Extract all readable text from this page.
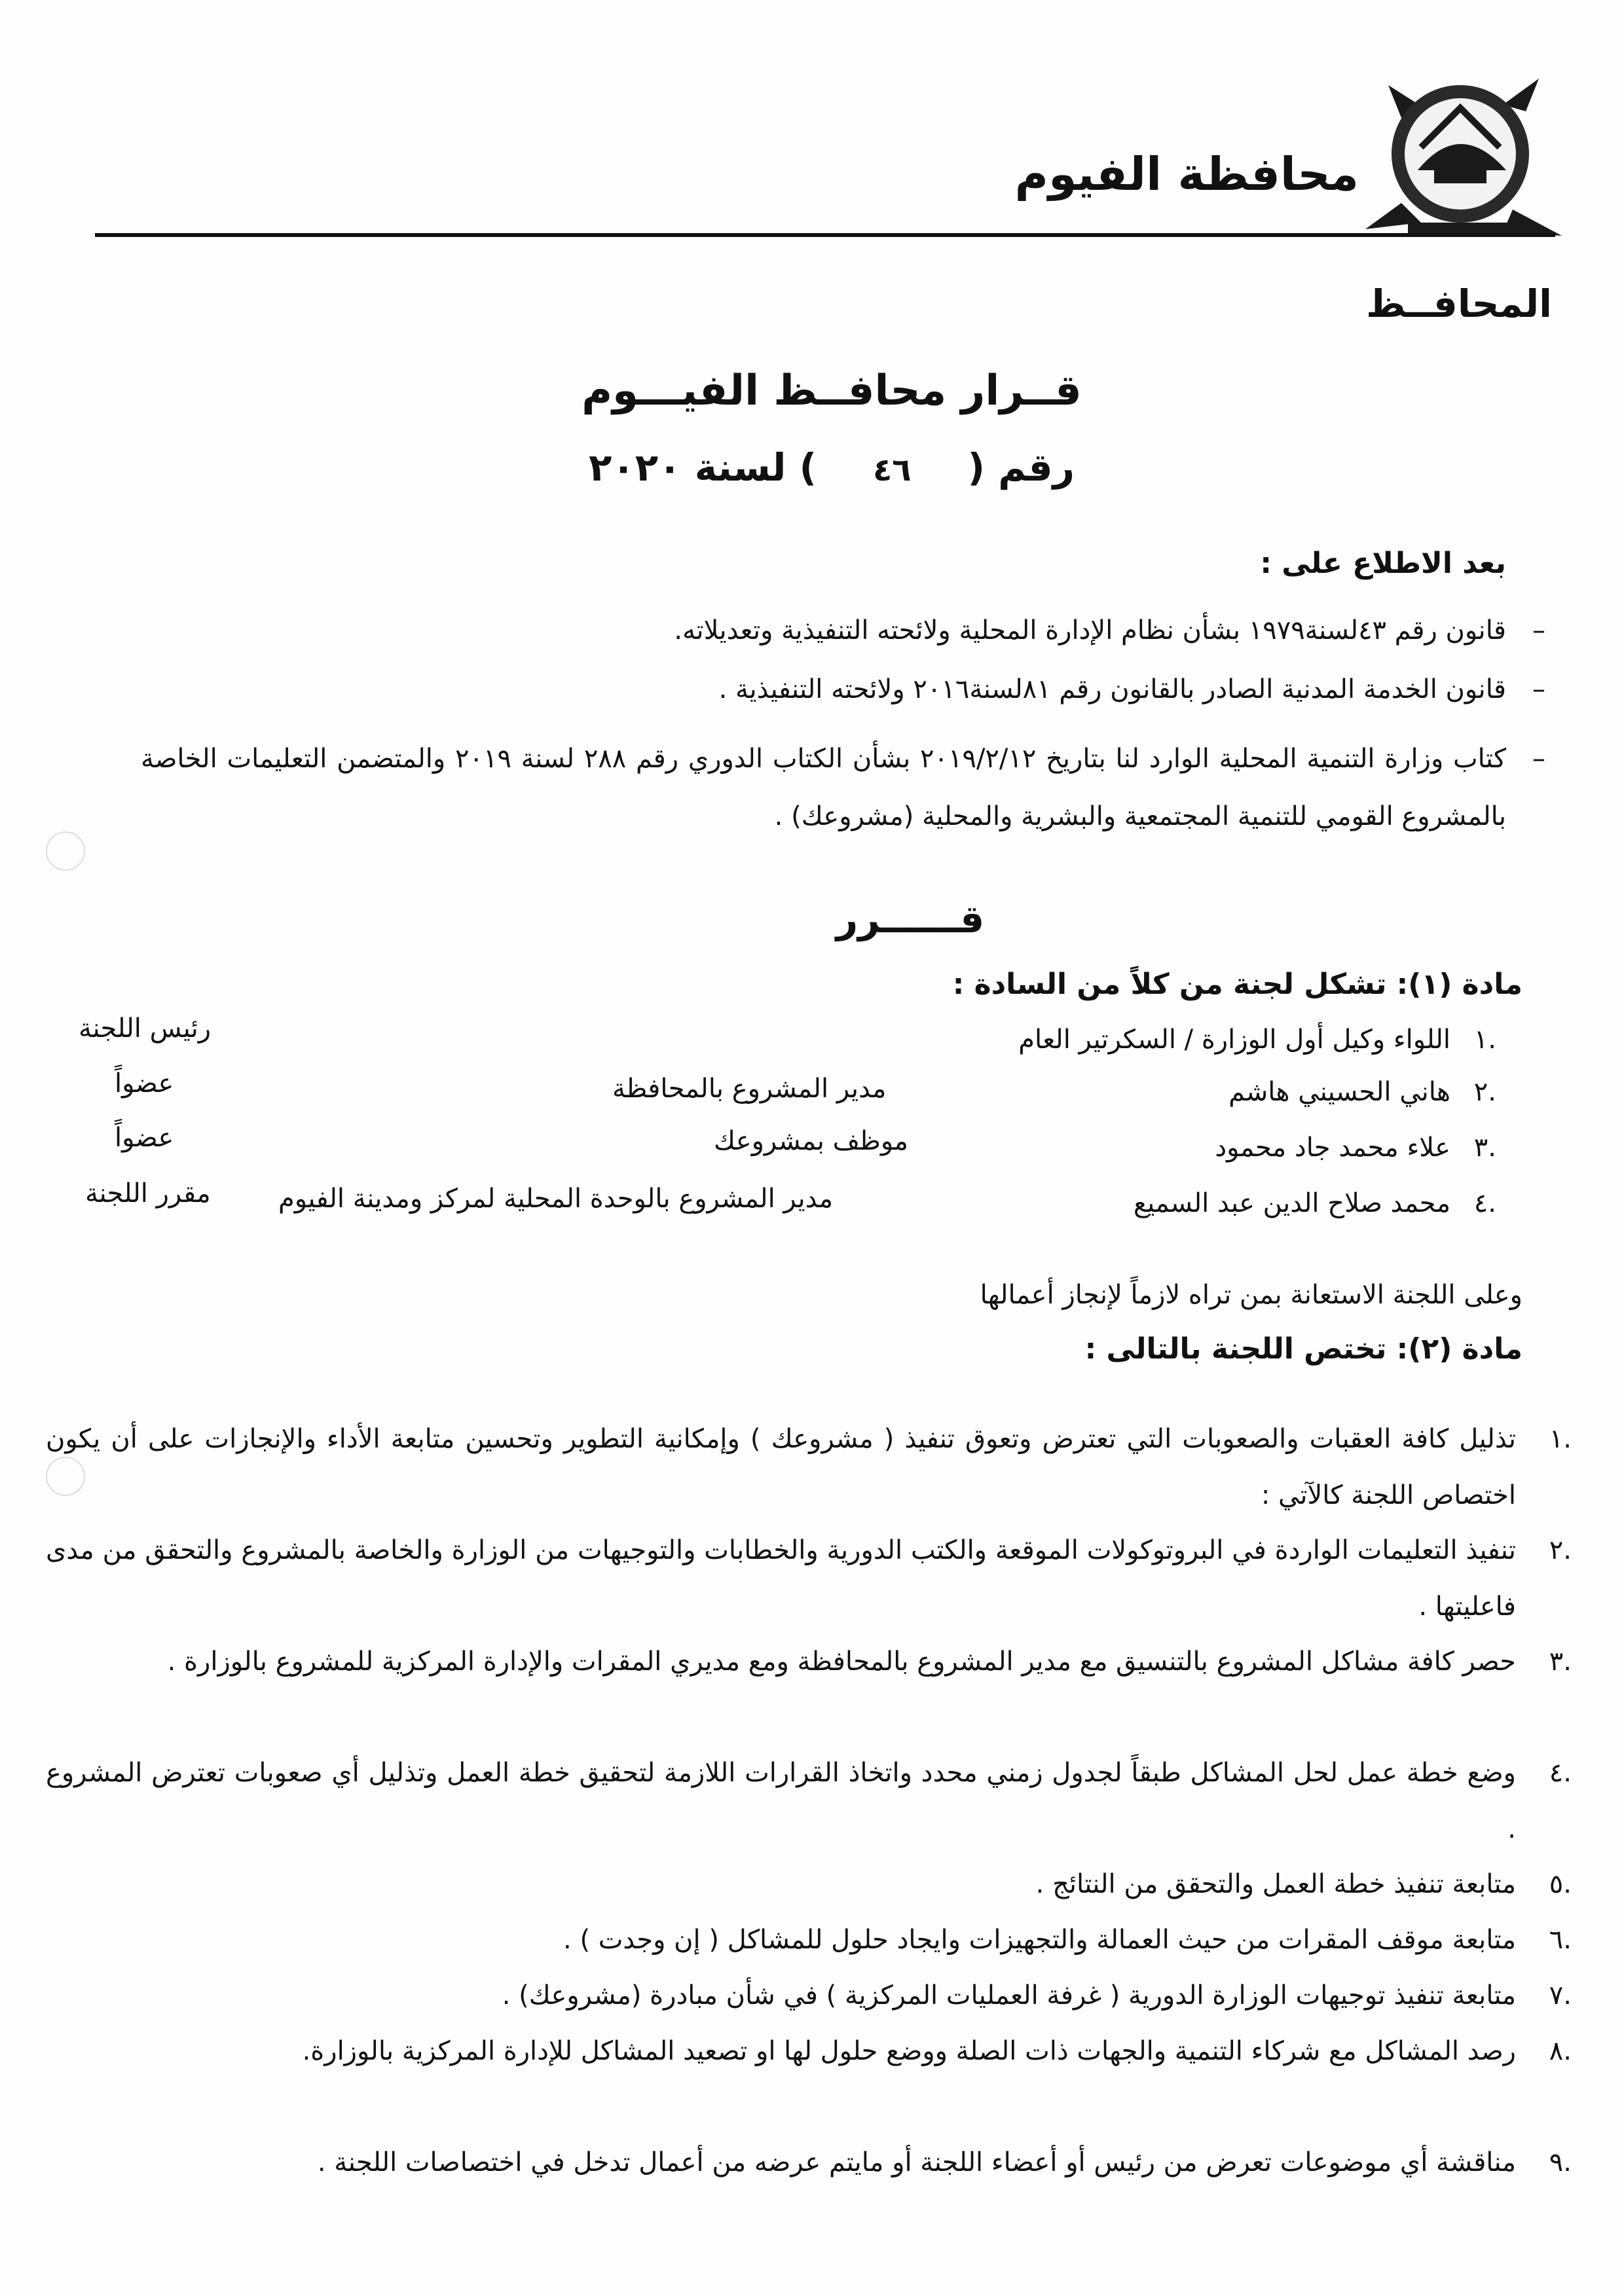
محافظة الفيوم
المحافــظ
قــرار محافــظ الفيـــوم
رقم ( ٤٦ ) لسنة ٢٠٢٠
بعد الاطلاع على :
–
قانون رقم ٤٣لسنة١٩٧٩ بشأن نظام الإدارة المحلية ولائحته التنفيذية وتعديلاته.
–
قانون الخدمة المدنية الصادر بالقانون رقم ٨١لسنة٢٠١٦ ولائحته التنفيذية .
–
كتاب وزارة التنمية المحلية الوارد لنا بتاريخ ٢٠١٩/٢/١٢ بشأن الكتاب الدوري رقم ٢٨٨ لسنة ٢٠١٩ والمتضمن التعليمات الخاصة بالمشروع القومي للتنمية المجتمعية والبشرية والمحلية (مشروعك) .
قــــــرر
مادة (١): تشكل لجنة من كلاً من السادة :
.١
اللواء وكيل أول الوزارة / السكرتير العام
رئيس اللجنة
.٢
هاني الحسيني هاشم
مدير المشروع بالمحافظة
عضواً
.٣
علاء محمد جاد محمود
موظف بمشروعك
عضواً
.٤
محمد صلاح الدين عبد السميع
مدير المشروع بالوحدة المحلية لمركز ومدينة الفيوم
مقرر اللجنة
وعلى اللجنة الاستعانة بمن تراه لازماً لإنجاز أعمالها
مادة (٢): تختص اللجنة بالتالى :
.١
تذليل كافة العقبات والصعوبات التي تعترض وتعوق تنفيذ ( مشروعك ) وإمكانية التطوير وتحسين متابعة الأداء والإنجازات على أن يكون اختصاص اللجنة كالآتي :
.٢
تنفيذ التعليمات الواردة في البروتوكولات الموقعة والكتب الدورية والخطابات والتوجيهات من الوزارة والخاصة بالمشروع والتحقق من مدى فاعليتها .
.٣
حصر كافة مشاكل المشروع بالتنسيق مع مدير المشروع بالمحافظة ومع مديري المقرات والإدارة المركزية للمشروع بالوزارة .
.٤
وضع خطة عمل لحل المشاكل طبقاً لجدول زمني محدد واتخاذ القرارات اللازمة لتحقيق خطة العمل وتذليل أي صعوبات تعترض المشروع .
.٥
متابعة تنفيذ خطة العمل والتحقق من النتائج .
.٦
متابعة موقف المقرات من حيث العمالة والتجهيزات وايجاد حلول للمشاكل ( إن وجدت ) .
.٧
متابعة تنفيذ توجيهات الوزارة الدورية ( غرفة العمليات المركزية ) في شأن مبادرة (مشروعك) .
.٨
رصد المشاكل مع شركاء التنمية والجهات ذات الصلة ووضع حلول لها او تصعيد المشاكل للإدارة المركزية بالوزارة.
.٩
مناقشة أي موضوعات تعرض من رئيس أو أعضاء اللجنة أو مايتم عرضه من أعمال تدخل في اختصاصات اللجنة .
